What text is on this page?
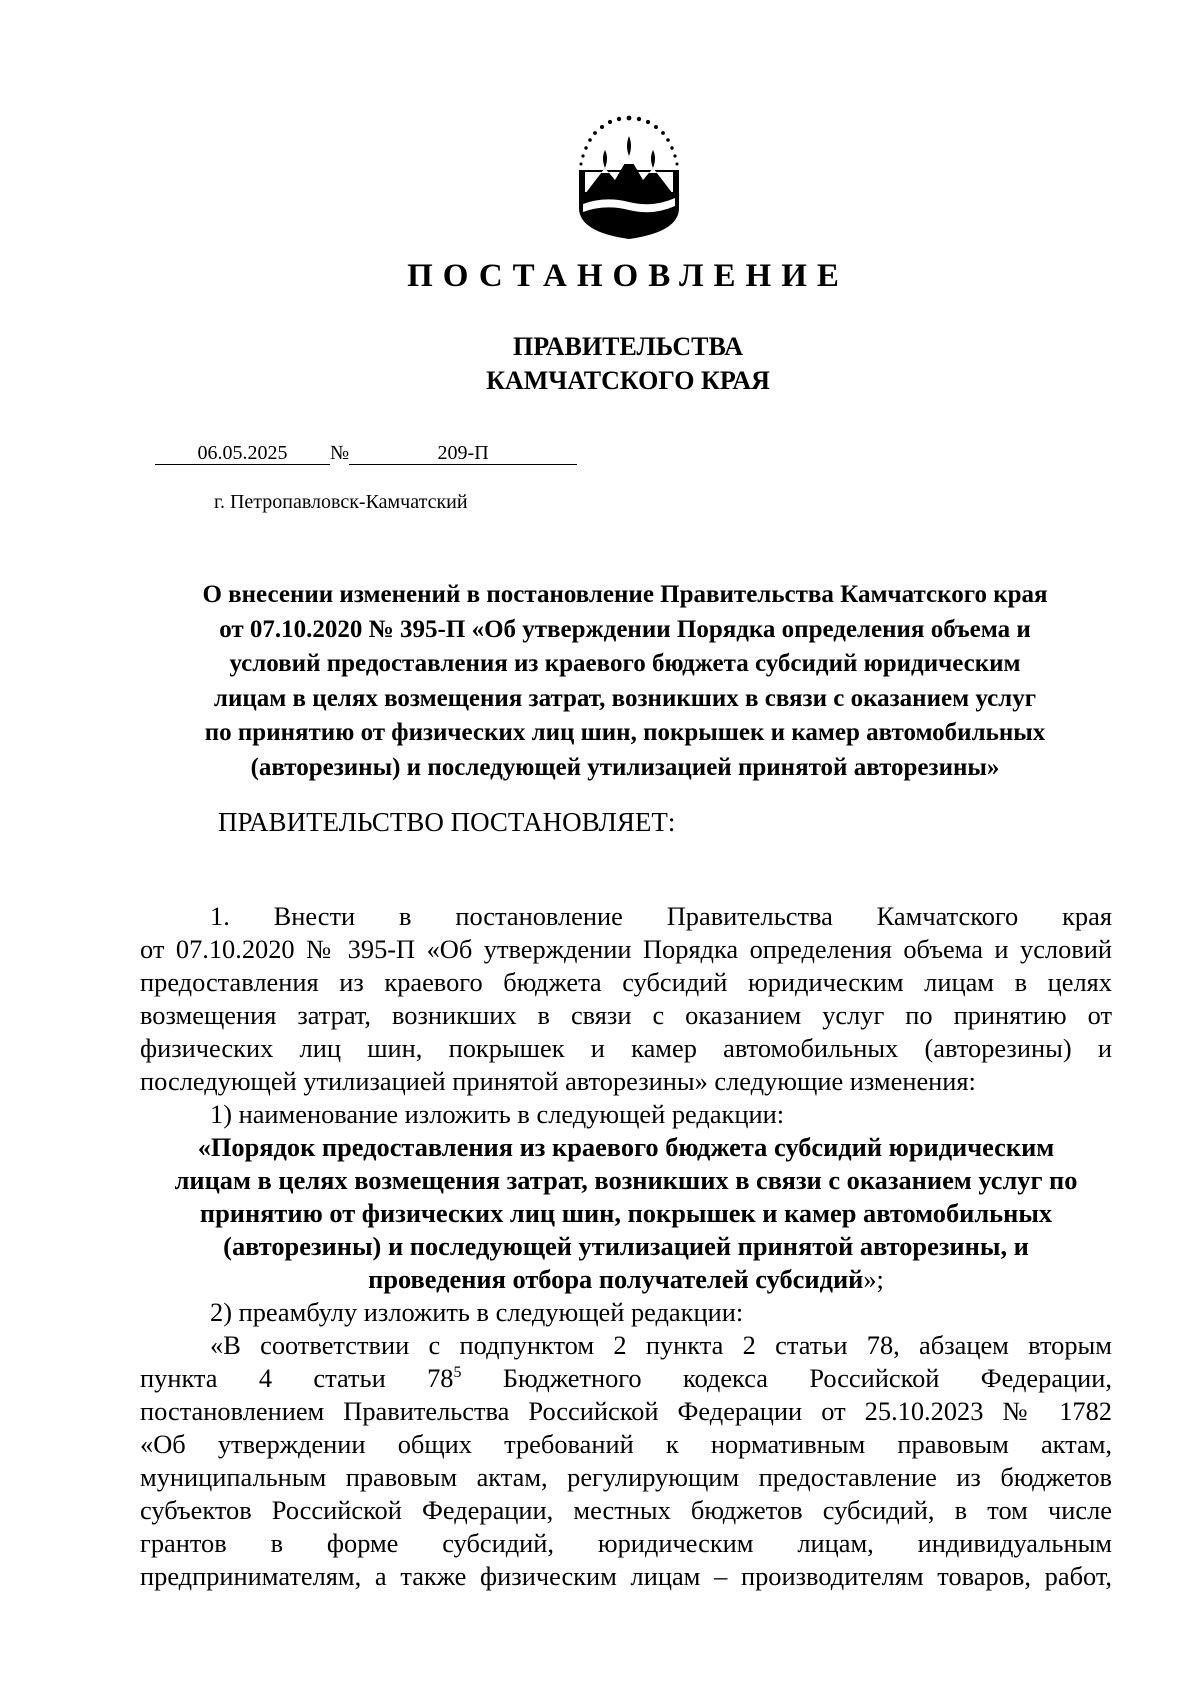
ПОСТАНОВЛЕНИЕ
ПРАВИТЕЛЬСТВА
КАМЧАТСКОГО КРАЯ
06.05.2025 №	209-П
г. Петропавловск-Камчатский
О внесении изменений в постановление Правительства Камчатского края
от 07.10.2020 № 395-П «Об утверждении Порядка определения объема и
условий предоставления из краевого бюджета субсидий юридическим
лицам в целях возмещения затрат, возникших в связи с оказанием услуг
по принятию от физических лиц шин, покрышек и камер автомобильных
(авторезины) и последующей утилизацией принятой авторезины»
ПРАВИТЕЛЬСТВО ПОСТАНОВЛЯЕТ:
1. Внести в постановление Правительства Камчатского края
от 07.10.2020 № 395-П «Об утверждении Порядка определения объема и условий
предоставления из краевого бюджета субсидий юридическим лицам в целях
возмещения затрат, возникших в связи с оказанием услуг по принятию от
физических лиц шин, покрышек и камер автомобильных (авторезины) и
последующей утилизацией принятой авторезины» следующие изменения:
1) наименование изложить в следующей редакции:
«Порядок предоставления из краевого бюджета субсидий юридическим
лицам в целях возмещения затрат, возникших в связи с оказанием услуг по
принятию от физических лиц шин, покрышек и камер автомобильных
(авторезины) и последующей утилизацией принятой авторезины, и
проведения отбора получателей субсидий»;
2) преамбулу изложить в следующей редакции:
«В соответствии с подпунктом 2 пункта 2 статьи 78, абзацем вторым
пункта 4 статьи $78^5$ Бюджетного кодекса Российской Федерации,
постановлением Правительства Российской Федерации от 25.10.2023 № 1782
«Об утверждении общих требований к нормативным правовым актам,
муниципальным правовым актам, регулирующим предоставление из бюджетов
субъектов Российской Федерации, местных бюджетов субсидий, в том числе
грантов в форме субсидий, юридическим лицам, индивидуальным
предпринимателям, а также физическим лицам – производителям товаров, работ,
